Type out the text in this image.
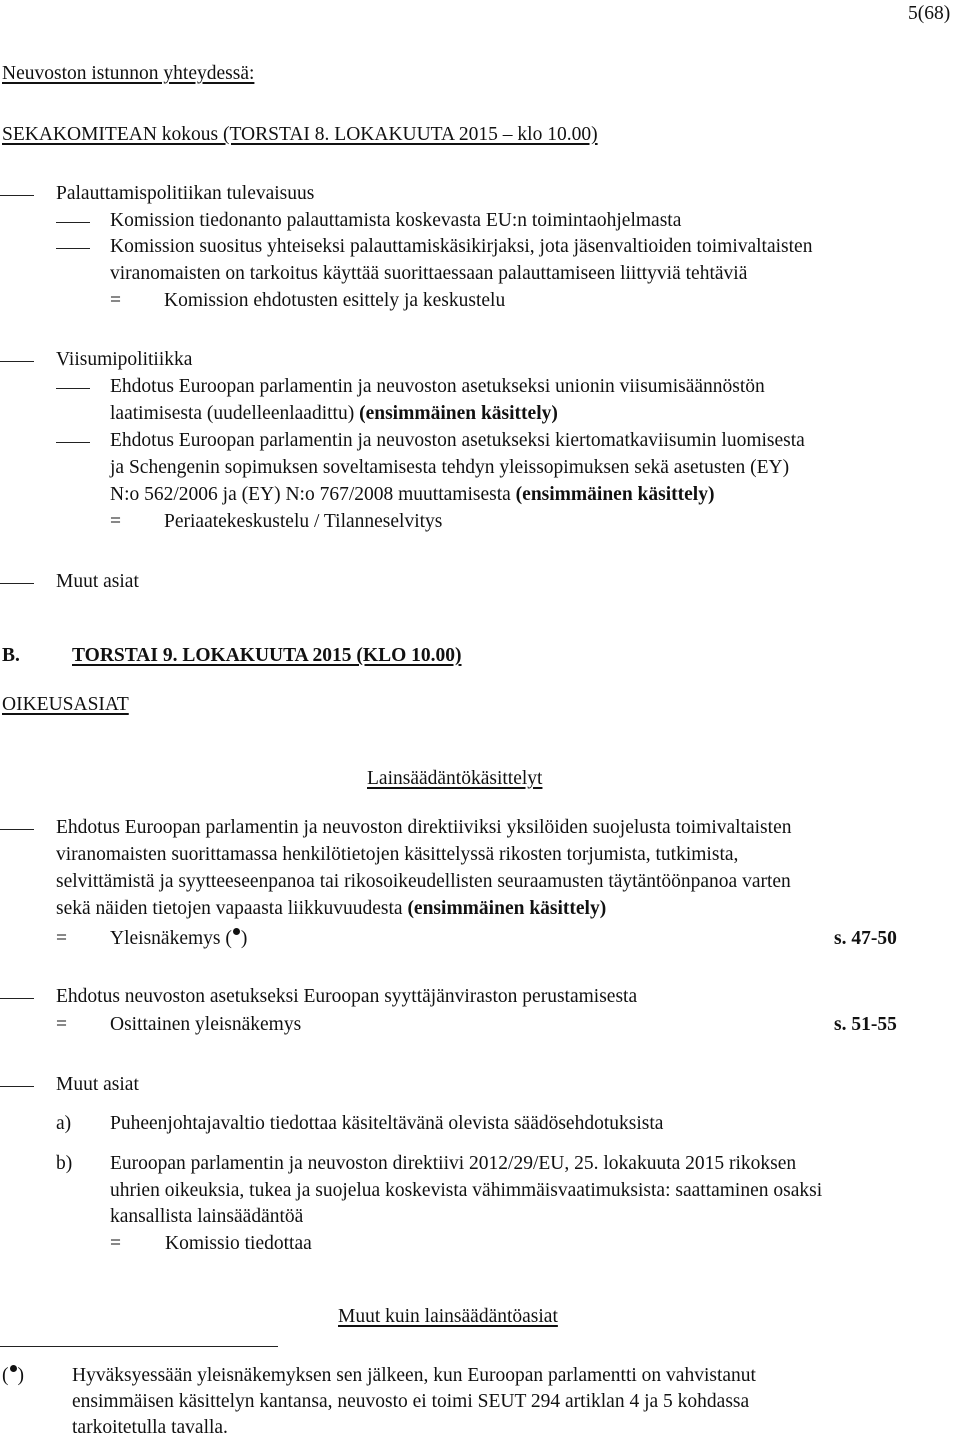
5(68)
Neuvoston istunnon yhteydessä:
SEKAKOMITEAN kokous (TORSTAI 8. LOKAKUUTA 2015 – klo 10.00)
Palauttamispolitiikan tulevaisuus
Komission tiedonanto palauttamista koskevasta EU:n toimintaohjelmasta
Komission suositus yhteiseksi palauttamiskäsikirjaksi, jota jäsenvaltioiden toimivaltaisten
viranomaisten on tarkoitus käyttää suorittaessaan palauttamiseen liittyviä tehtäviä
= Komission ehdotusten esittely ja keskustelu
Viisumipolitiikka
Ehdotus Euroopan parlamentin ja neuvoston asetukseksi unionin viisumisäännöstön
laatimisesta (uudelleenlaadittu) (ensimmäinen käsittely)
Ehdotus Euroopan parlamentin ja neuvoston asetukseksi kiertomatkaviisumin luomisesta
ja Schengenin sopimuksen soveltamisesta tehdyn yleissopimuksen sekä asetusten (EY)
N:o 562/2006 ja (EY) N:o 767/2008 muuttamisesta (ensimmäinen käsittely)
= Periaatekeskustelu / Tilanneselvitys
Muut asiat
B.	TORSTAI 9. LOKAKUUTA 2015 (KLO 10.00)
OIKEUSASIAT
Lainsäädäntökäsittelyt
Ehdotus Euroopan parlamentin ja neuvoston direktiiviksi yksilöiden suojelusta toimivaltaisten
viranomaisten suorittamassa henkilötietojen käsittelyssä rikosten torjumista, tutkimista,
selvittämistä ja syytteeseenpanoa tai rikosoikeudellisten seuraamusten täytäntöönpanoa varten
sekä näiden tietojen vapaasta liikkuvuudesta (ensimmäinen käsittely)
= Yleisnäkemys ( )	s. 47-50
Ehdotus neuvoston asetukseksi Euroopan syyttäjänviraston perustamisesta
= Osittainen yleisnäkemys	s. 51-55
Muut asiat
a) Puheenjohtajavaltio tiedottaa käsiteltävänä olevista säädösehdotuksista
b) Euroopan parlamentin ja neuvoston direktiivi 2012/29/EU, 25. lokakuuta 2015 rikoksen
uhrien oikeuksia, tukea ja suojelua koskevista vähimmäisvaatimuksista: saattaminen osaksi
kansallista lainsäädäntöä
= Komissio tiedottaa
Muut kuin lainsäädäntöasiat
( ) Hyväksyessään yleisnäkemyksen sen jälkeen, kun Euroopan parlamentti on vahvistanut
ensimmäisen käsittelyn kantansa, neuvosto ei toimi SEUT 294 artiklan 4 ja 5 kohdassa
tarkoitetulla tavalla.
